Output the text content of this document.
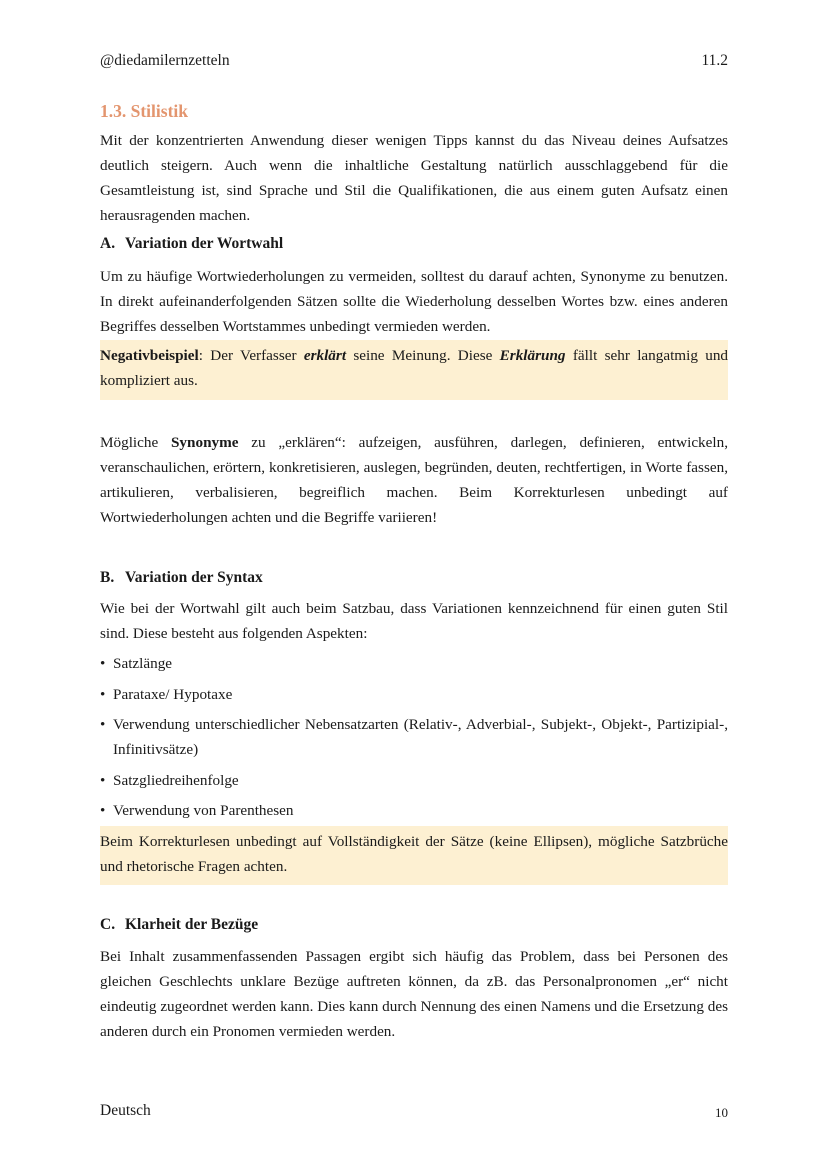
@diedamilernzetteln	11.2
1.3. Stilistik

Mit der konzentrierten Anwendung dieser wenigen Tipps kannst du das Niveau deines Aufsatzes deutlich steigern. Auch wenn die inhaltliche Gestaltung natürlich ausschlaggebend für die Gesamtleistung ist, sind Sprache und Stil die Qualifikationen, die aus einem guten Aufsatz einen herausragenden machen.

A. Variation der Wortwahl

Um zu häufige Wortwiederholungen zu vermeiden, solltest du darauf achten, Synonyme zu benutzen. In direkt aufeinanderfolgenden Sätzen sollte die Wiederholung desselben Wortes bzw. eines anderen Begriffes desselben Wortstammes unbedingt vermieden werden.

Negativbeispiel: Der Verfasser erklärt seine Meinung. Diese Erklärung fällt sehr langatmig und kompliziert aus.

Mögliche Synonyme zu „erklären“: aufzeigen, ausführen, darlegen, definieren, entwickeln, veranschaulichen, erörtern, konkretisieren, auslegen, begründen, deuten, rechtfertigen, in Worte fassen, artikulieren, verbalisieren, begreiflich machen. Beim Korrekturlesen unbedingt auf Wortwiederholungen achten und die Begriffe variieren!

B. Variation der Syntax

Wie bei der Wortwahl gilt auch beim Satzbau, dass Variationen kennzeichnend für einen guten Stil sind. Diese besteht aus folgenden Aspekten:

• Satzlänge
• Parataxe/ Hypotaxe
• Verwendung unterschiedlicher Nebensatzarten (Relativ-, Adverbial-, Subjekt-, Objekt-, Partizipial-, Infinitivsätze)
• Satzgliedreihenfolge
• Verwendung von Parenthesen
Beim Korrekturlesen unbedingt auf Vollständigkeit der Sätze (keine Ellipsen), mögliche Satzbrüche und rhetorische Fragen achten.
C. Klarheit der Bezüge

Bei Inhalt zusammenfassenden Passagen ergibt sich häufig das Problem, dass bei Personen des gleichen Geschlechts unklare Bezüge auftreten können, da zB. das Personalpronomen „er“ nicht eindeutig zugeordnet werden kann. Dies kann durch Nennung des einen Namens und die Ersetzung des anderen durch ein Pronomen vermieden werden.

Deutsch	10
